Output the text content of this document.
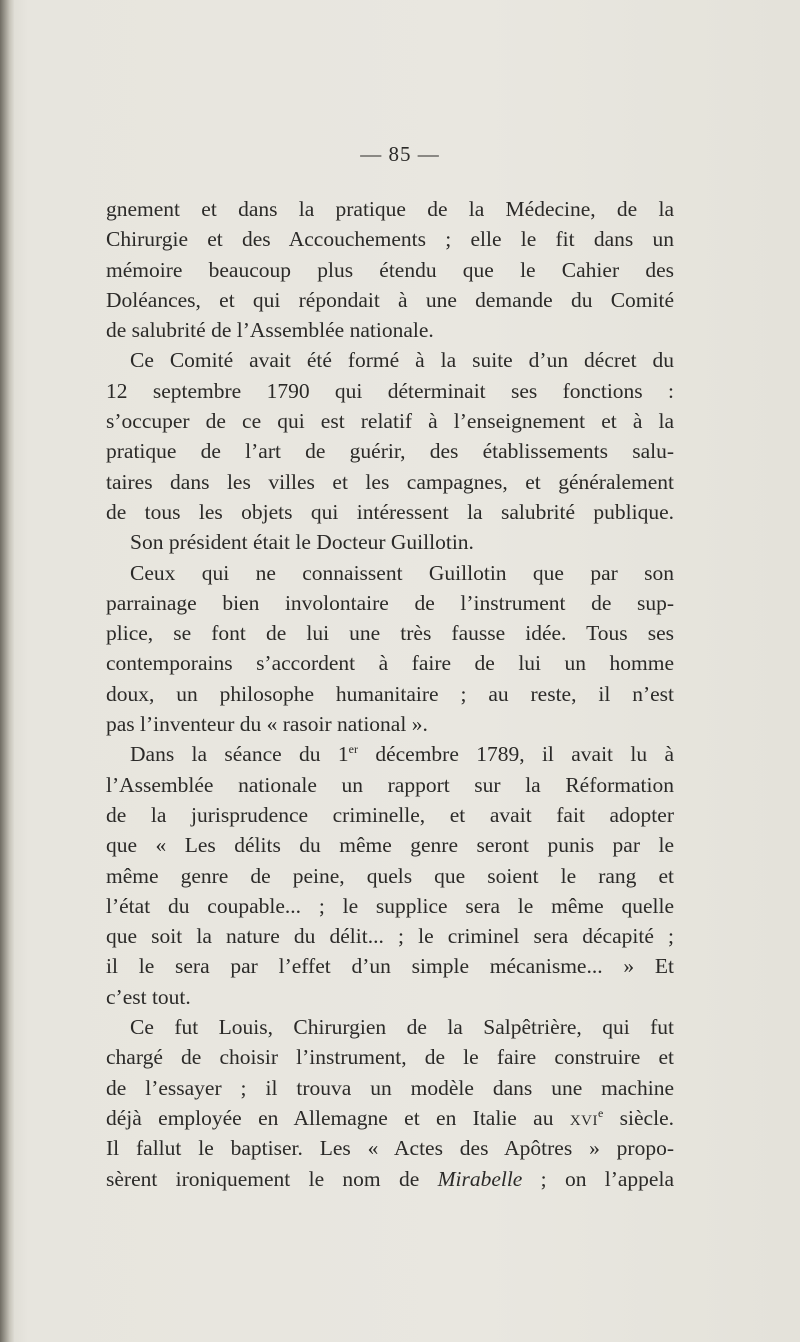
— 85 —
gnement et dans la pratique de la Médecine, de la
Chirurgie et des Accouchements ; elle le fit dans un
mémoire beaucoup plus étendu que le Cahier des
Doléances, et qui répondait à une demande du Comité
de salubrité de l’Assemblée nationale.
Ce Comité avait été formé à la suite d’un décret du
12 septembre 1790 qui déterminait ses fonctions :
s’occuper de ce qui est relatif à l’enseignement et à la
pratique de l’art de guérir, des établissements salu-
taires dans les villes et les campagnes, et généralement
de tous les objets qui intéressent la salubrité publique.
Son président était le Docteur Guillotin.
Ceux qui ne connaissent Guillotin que par son
parrainage bien involontaire de l’instrument de sup-
plice, se font de lui une très fausse idée. Tous ses
contemporains s’accordent à faire de lui un homme
doux, un philosophe humanitaire ; au reste, il n’est
pas l’inventeur du « rasoir national ».
Dans la séance du 1er décembre 1789, il avait lu à
l’Assemblée nationale un rapport sur la Réformation
de la jurisprudence criminelle, et avait fait adopter
que « Les délits du même genre seront punis par le
même genre de peine, quels que soient le rang et
l’état du coupable... ; le supplice sera le même quelle
que soit la nature du délit... ; le criminel sera décapité ;
il le sera par l’effet d’un simple mécanisme... » Et
c’est tout.
Ce fut Louis, Chirurgien de la Salpêtrière, qui fut
chargé de choisir l’instrument, de le faire construire et
de l’essayer ; il trouva un modèle dans une machine
déjà employée en Allemagne et en Italie au XVIe siècle.
Il fallut le baptiser. Les « Actes des Apôtres » propo-
sèrent ironiquement le nom de Mirabelle ; on l’appela
